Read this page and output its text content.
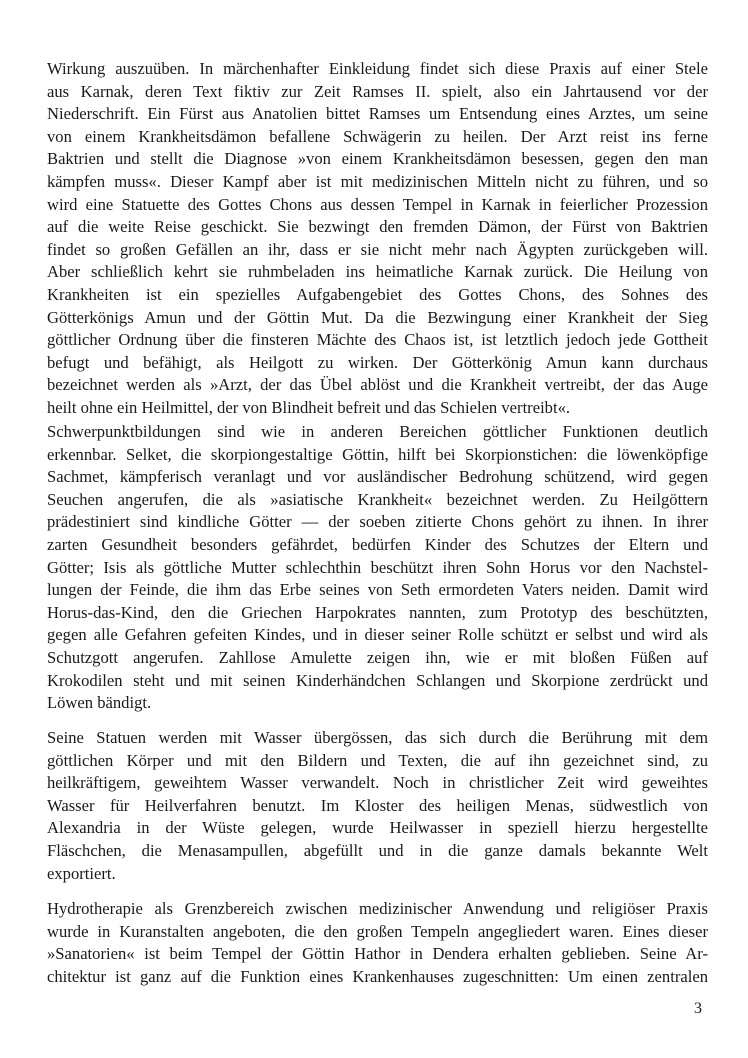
Wirkung auszuüben. In märchenhafter Einkleidung findet sich diese Praxis auf einer Stele
aus Karnak, deren Text fiktiv zur Zeit Ramses II. spielt, also ein Jahrtausend vor der
Niederschrift. Ein Fürst aus Anatolien bittet Ramses um Entsendung eines Arztes, um seine
von einem Krankheitsdämon befallene Schwägerin zu heilen. Der Arzt reist ins ferne
Baktrien und stellt die Diagnose »von einem Krankheitsdämon besessen, gegen den man
kämpfen muss«. Dieser Kampf aber ist mit medizinischen Mitteln nicht zu führen, und so
wird eine Statuette des Gottes Chons aus dessen Tempel in Karnak in feierlicher Prozession
auf die weite Reise geschickt. Sie bezwingt den fremden Dämon, der Fürst von Baktrien
findet so großen Gefällen an ihr, dass er sie nicht mehr nach Ägypten zurückgeben will.
Aber schließlich kehrt sie ruhmbeladen ins heimatliche Karnak zurück. Die Heilung von
Krankheiten ist ein spezielles Aufgabengebiet des Gottes Chons, des Sohnes des
Götterkönigs Amun und der Göttin Mut. Da die Bezwingung einer Krankheit der Sieg
göttlicher Ordnung über die finsteren Mächte des Chaos ist, ist letztlich jedoch jede Gottheit
befugt und befähigt, als Heilgott zu wirken. Der Götterkönig Amun kann durchaus
bezeichnet werden als »Arzt, der das Übel ablöst und die Krankheit vertreibt, der das Auge
heilt ohne ein Heilmittel, der von Blindheit befreit und das Schielen vertreibt«.
Schwerpunktbildungen sind wie in anderen Bereichen göttlicher Funktionen deutlich
erkennbar. Selket, die skorpiongestaltige Göttin, hilft bei Skorpionstichen: die löwenköpfige
Sachmet, kämpferisch veranlagt und vor ausländischer Bedrohung schützend, wird gegen
Seuchen angerufen, die als »asiatische Krankheit« bezeichnet werden. Zu Heilgöttern
prädestiniert sind kindliche Götter — der soeben zitierte Chons gehört zu ihnen. In ihrer
zarten Gesundheit besonders gefährdet, bedürfen Kinder des Schutzes der Eltern und
Götter; Isis als göttliche Mutter schlechthin beschützt ihren Sohn Horus vor den Nachstel-
lungen der Feinde, die ihm das Erbe seines von Seth ermordeten Vaters neiden. Damit wird
Horus-das-Kind, den die Griechen Harpokrates nannten, zum Prototyp des beschützten,
gegen alle Gefahren gefeiten Kindes, und in dieser seiner Rolle schützt er selbst und wird als
Schutzgott angerufen. Zahllose Amulette zeigen ihn, wie er mit bloßen Füßen auf
Krokodilen steht und mit seinen Kinderhändchen Schlangen und Skorpione zerdrückt und
Löwen bändigt.
Seine Statuen werden mit Wasser übergössen, das sich durch die Berührung mit dem
göttlichen Körper und mit den Bildern und Texten, die auf ihn gezeichnet sind, zu
heilkräftigem, geweihtem Wasser verwandelt. Noch in christlicher Zeit wird geweihtes
Wasser für Heilverfahren benutzt. Im Kloster des heiligen Menas, südwestlich von
Alexandria in der Wüste gelegen, wurde Heilwasser in speziell hierzu hergestellte
Fläschchen, die Menasampullen, abgefüllt und in die ganze damals bekannte Welt
exportiert.
Hydrotherapie als Grenzbereich zwischen medizinischer Anwendung und religiöser Praxis
wurde in Kuranstalten angeboten, die den großen Tempeln angegliedert waren. Eines dieser
»Sanatorien« ist beim Tempel der Göttin Hathor in Dendera erhalten geblieben. Seine Ar-
chitektur ist ganz auf die Funktion eines Krankenhauses zugeschnitten: Um einen zentralen
3
